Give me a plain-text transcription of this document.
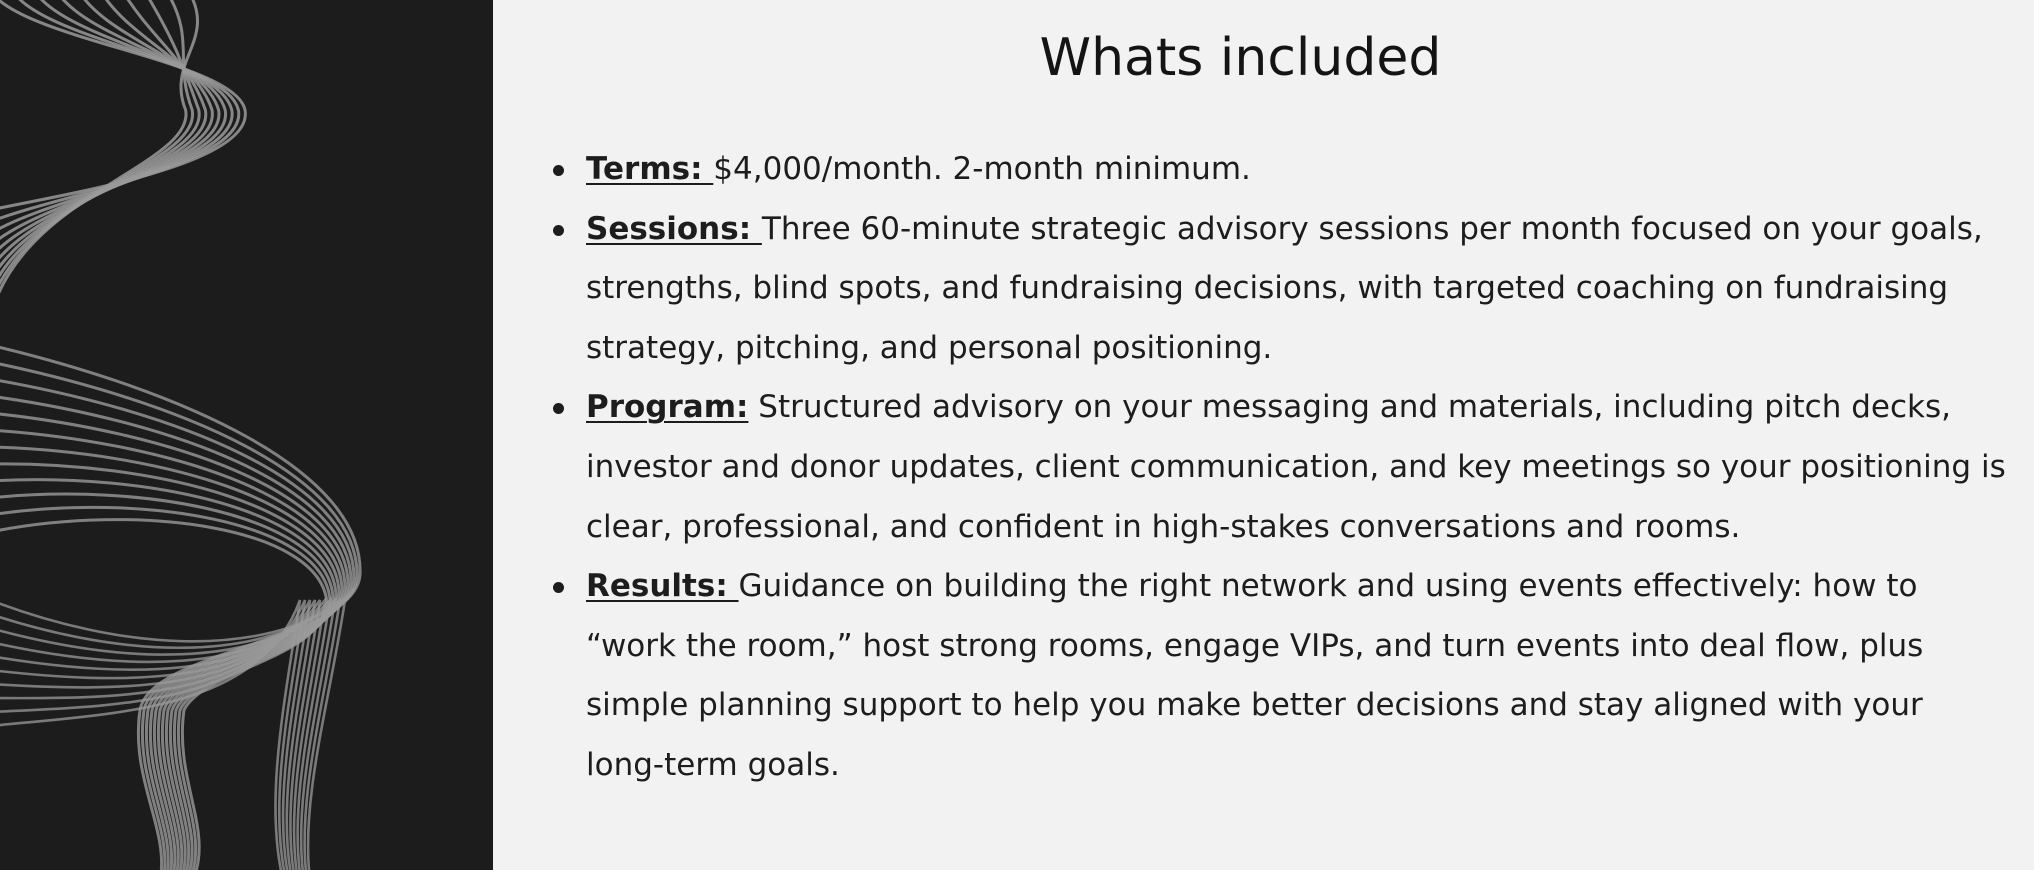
Whats included
Terms: $4,000/month. 2-month minimum.
Sessions: Three 60-minute strategic advisory sessions per month focused on your goals, strengths, blind spots, and fundraising decisions, with targeted coaching on fundraising strategy, pitching, and personal positioning.
Program: Structured advisory on your messaging and materials, including pitch decks, investor and donor updates, client communication, and key meetings so your positioning is clear, professional, and confident in high-stakes conversations and rooms.
Results: Guidance on building the right network and using events effectively: how to “work the room,” host strong rooms, engage VIPs, and turn events into deal flow, plus simple planning support to help you make better decisions and stay aligned with your long-term goals.
